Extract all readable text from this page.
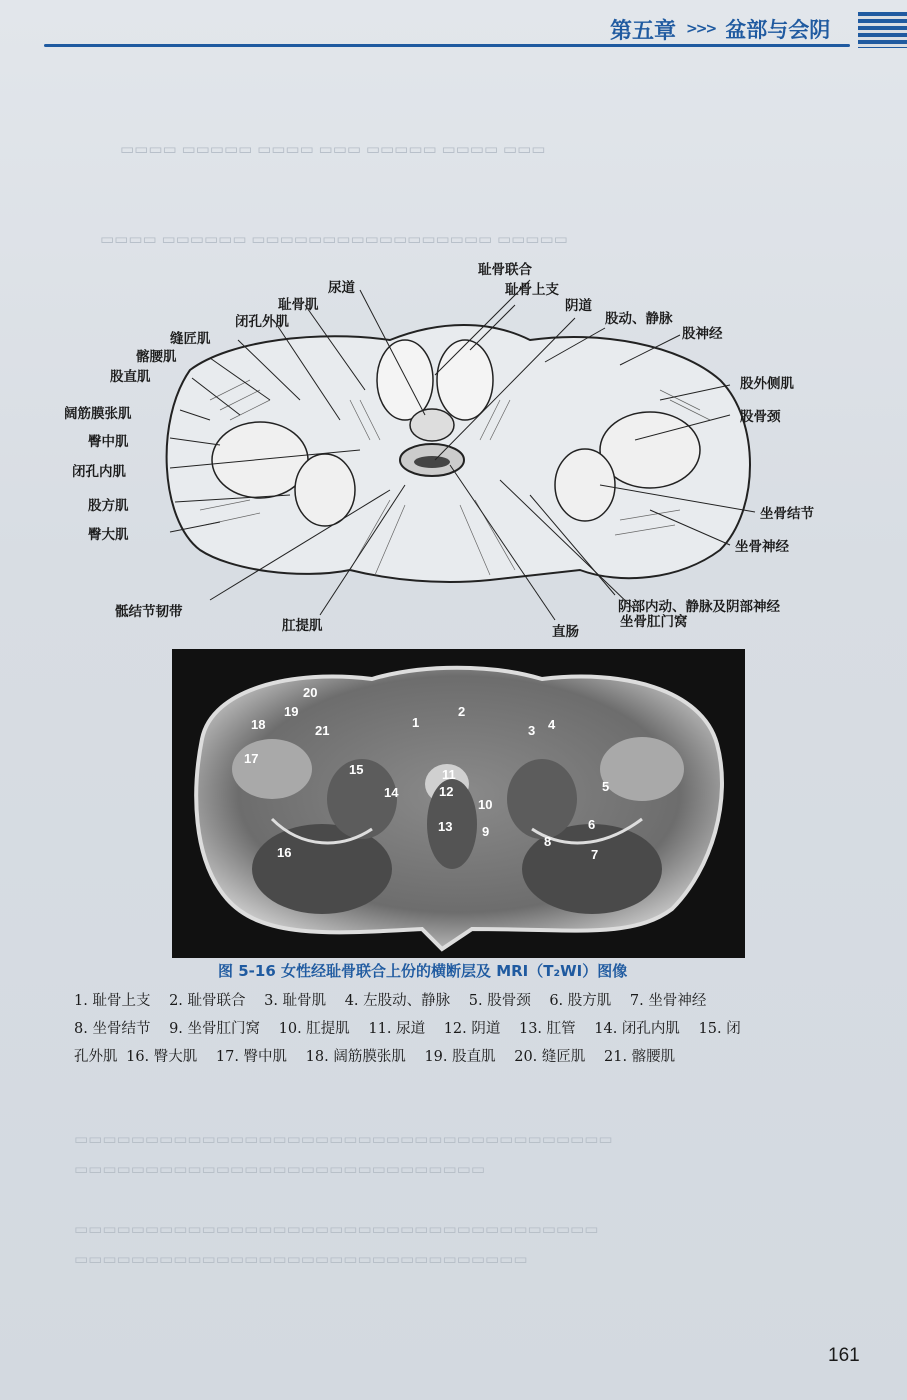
▭▭▭▭ ▭▭▭▭▭ ▭▭▭▭ ▭▭▭ ▭▭▭▭▭ ▭▭▭▭ ▭▭▭
▭▭▭▭ ▭▭▭▭▭▭ ▭▭▭▭▭▭▭▭▭▭▭▭▭▭▭▭▭ ▭▭▭▭▭
▭▭▭▭▭▭▭▭▭▭▭▭▭▭▭▭▭▭▭▭▭▭▭▭▭▭▭▭▭▭▭▭▭▭▭▭▭▭
▭▭▭▭▭▭▭▭▭▭▭▭▭▭▭▭▭▭▭▭▭▭▭▭▭▭▭▭▭
▭▭▭▭▭▭▭▭▭▭▭▭▭▭▭▭▭▭▭▭▭▭▭▭▭▭▭▭▭▭▭▭▭▭▭▭▭
▭▭▭▭▭▭▭▭▭▭▭▭▭▭▭▭▭▭▭▭▭▭▭▭▭▭▭▭▭▭▭▭
第五章 >>> 盆部与会阴
尿道
耻骨肌
闭孔外肌
耻骨联合
耻骨上支
阴道
股动、静脉
股神经
缝匠肌
髂腰肌
股直肌
阔筋膜张肌
臀中肌
闭孔内肌
股方肌
臀大肌
骶结节韧带
股外侧肌
股骨颈
坐骨结节
坐骨神经
阴部内动、静脉及阴部神经
肛提肌	直肠
坐骨肛门窝
1
2
3 4
5
6
7
8
9
10
11
12
13
14
15
16
17
18
19
20
21
图 5-16 女性经耻骨联合上份的横断层及 MRI（T₂WI）图像
1. 耻骨上支 2. 耻骨联合 3. 耻骨肌 4. 左股动、静脉 5. 股骨颈 6. 股方肌 7. 坐骨神经
8. 坐骨结节 9. 坐骨肛门窝 10. 肛提肌 11. 尿道 12. 阴道 13. 肛管 14. 闭孔内肌 15. 闭
孔外肌 16. 臀大肌 17. 臀中肌 18. 阔筋膜张肌 19. 股直肌 20. 缝匠肌 21. 髂腰肌
161
